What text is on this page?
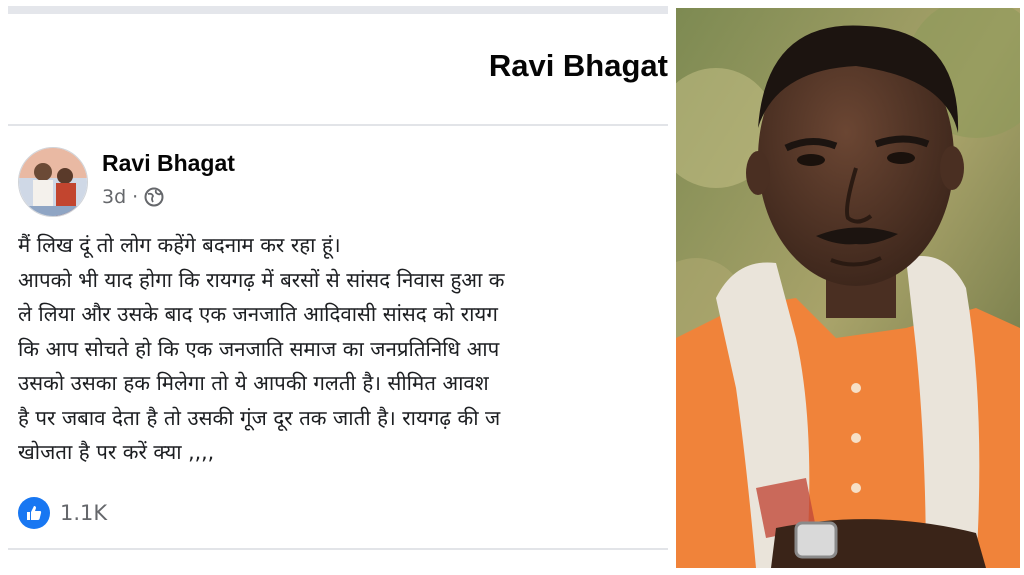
Ravi Bhagat
Ravi Bhagat
3d ·
मैं लिख दूं तो लोग कहेंगे बदनाम कर रहा हूं।
आपको भी याद होगा कि रायगढ़ में बरसों से सांसद निवास हुआ क
ले लिया और उसके बाद एक जनजाति आदिवासी सांसद को रायग
कि आप सोचते हो कि एक जनजाति समाज का जनप्रतिनिधि आप
उसको उसका हक मिलेगा तो ये आपकी गलती है। सीमित आवश
है पर जबाव देता है तो उसकी गूंज दूर तक जाती है। रायगढ़ की ज
खोजता है पर करें क्या ,,,,
1.1K
